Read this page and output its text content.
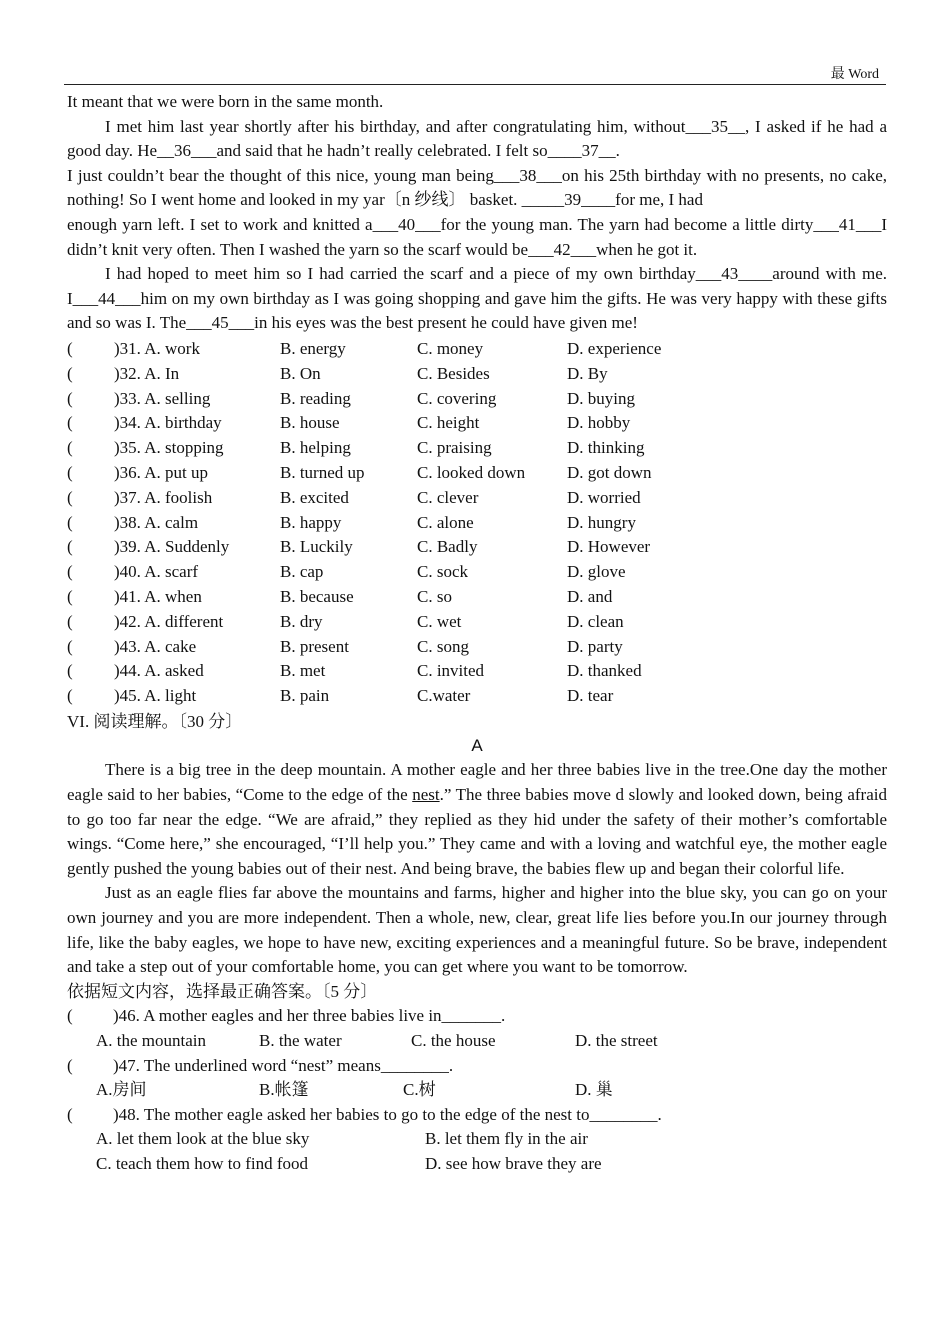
最 Word

It meant that we were born in the same month.

I met him last year shortly after his birthday, and after congratulating him, without___35__, I asked if he had a good day. He__36___and said that he hadn’t really celebrated. I felt so____37__.

I just couldn’t bear the thought of this nice, young man being___38___on his 25th birthday with no presents, no cake, nothing! So I went home and looked in my yar〔n 纱线〕 basket. _____39____for me, I had

enough yarn left. I set to work and knitted a___40___for the young man. The yarn had become a little dirty___41___I didn’t knit very often. Then I washed the yarn so the scarf would be___42___when he got it.

I had hoped to meet him so I had carried the scarf and a piece of my own birthday___43____around with me. I___44___him on my own birthday as I was going shopping and gave him the gifts. He was very happy with these gifts and so was I. The___45___in his eyes was the best present he could have given me!

(	)31. A. work	B. energy	C. money	D. experience
(	)32. A. In	B. On	C. Besides	D. By
(	)33. A. selling	B. reading	C. covering	D. buying
(	)34. A. birthday	B. house	C. height	D. hobby
(	)35. A. stopping	B. helping	C. praising	D. thinking
(	)36. A. put up	B. turned up	C. looked down	D. got down
(	)37. A. foolish	B. excited	C. clever	D. worried
(	)38. A. calm	B. happy	C. alone	D. hungry
(	)39. A. Suddenly	B. Luckily	C. Badly	D. However
(	)40. A. scarf	B. cap	C. sock	D. glove
(	)41. A. when	B. because	C. so	D. and
(	)42. A. different	B. dry	C. wet	D. clean
(	)43. A. cake	B. present	C. song	D. party
(	)44. A. asked	B. met	C. invited	D. thanked
(	)45. A. light	B. pain	C.water	D. tear

VI. 阅读理解。〔30 分〕

A

There is a big tree in the deep mountain. A mother eagle and her three babies live in the tree.One day the mother eagle said to her babies, “Come to the edge of the nest.” The three babies move d slowly and looked down, being afraid to go too far near the edge. “We are afraid,” they replied as they hid under the safety of their mother’s comfortable wings. “Come here,” she encouraged, “I’ll help you.” They came and with a loving and watchful eye, the mother eagle gently pushed the young babies out of their nest. And being brave, the babies flew up and began their colorful life.

Just as an eagle flies far above the mountains and farms, higher and higher into the blue sky, you can go on your own journey and you are more independent. Then a whole, new, clear, great life lies before you.In our journey through life, like the baby eagles, we hope to have new, exciting experiences and a meaningful future. So be brave, independent and take a step out of your comfortable home, you can get where you want to be tomorrow.

依据短文内容，选择最正确答案。〔5 分〕

( )46. A mother eagles and her three babies live in_______.

A. the mountain	B. the water	C. the house	D. the street

( )47. The underlined word “nest” means________.

A.房间	B.帐篷	C.树	D. 巢

( )48. The mother eagle asked her babies to go to the edge of the nest to________.

A. let them look at the blue sky	B. let them fly in the air
C. teach them how to find food	D. see how brave they are
